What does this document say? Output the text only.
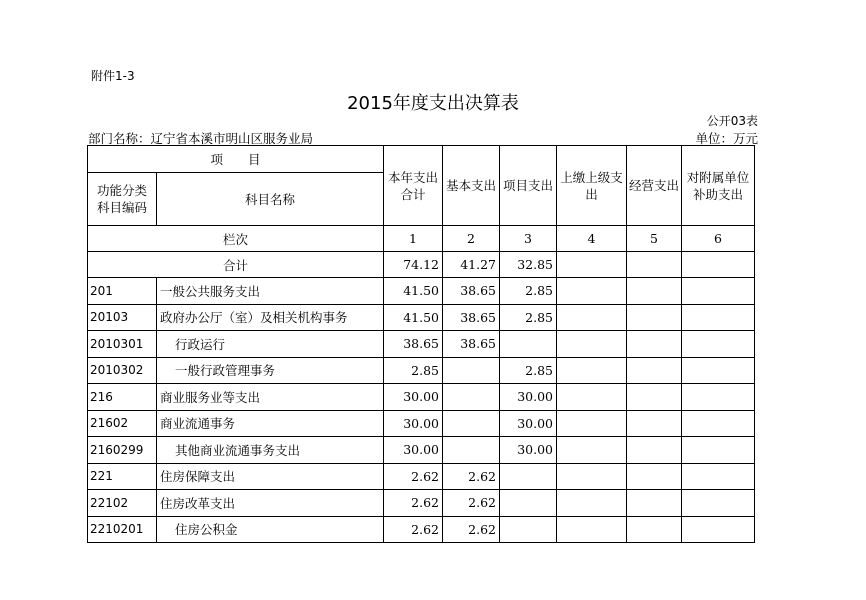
附件1-3
2015年度支出决算表
公开03表
部门名称：辽宁省本溪市明山区服务业局	单位：万元
项　　目		本年支出合计	基本支出	项目支出	上缴上级支出	经营支出	对附属单位补助支出
功能分类科目编码	科目名称						
栏次		1	2	3	4	5	6
合计		74.12	41.27	32.85			
201	一般公共服务支出	41.50	38.65	2.85			
20103	政府办公厅（室）及相关机构事务	41.50	38.65	2.85			
2010301	行政运行	38.65	38.65				
2010302	一般行政管理事务	2.85		2.85			
216	商业服务业等支出	30.00		30.00			
21602	商业流通事务	30.00		30.00			
2160299	其他商业流通事务支出	30.00		30.00			
221	住房保障支出	2.62	2.62				
22102	住房改革支出	2.62	2.62				
2210201	住房公积金	2.62	2.62				
